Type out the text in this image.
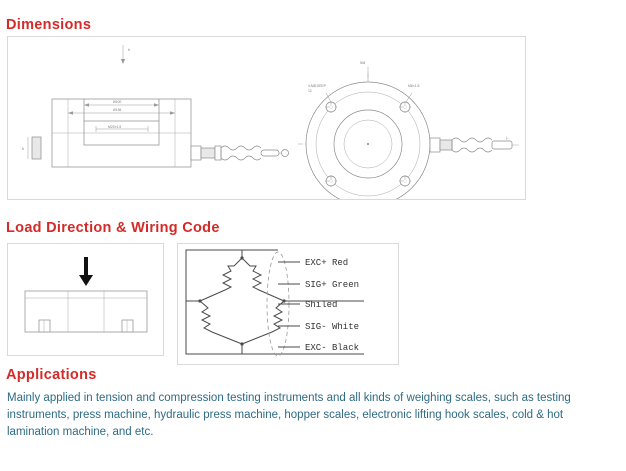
Dimensions
h
6
Ø100
Ø136
M20×1.5
5/8
4-M8 DEEP
12
M8×1.5
|←
Load Direction & Wiring Code
EXC+ Red
SIG+ Green
Shiled
SIG- White
EXC- Black
Applications
Mainly applied in tension and compression testing instruments and all kinds of weighing scales, such as testing instruments, press machine, hydraulic press machine, hopper scales, electronic lifting hook scales, cold & hot lamination machine, and etc.
